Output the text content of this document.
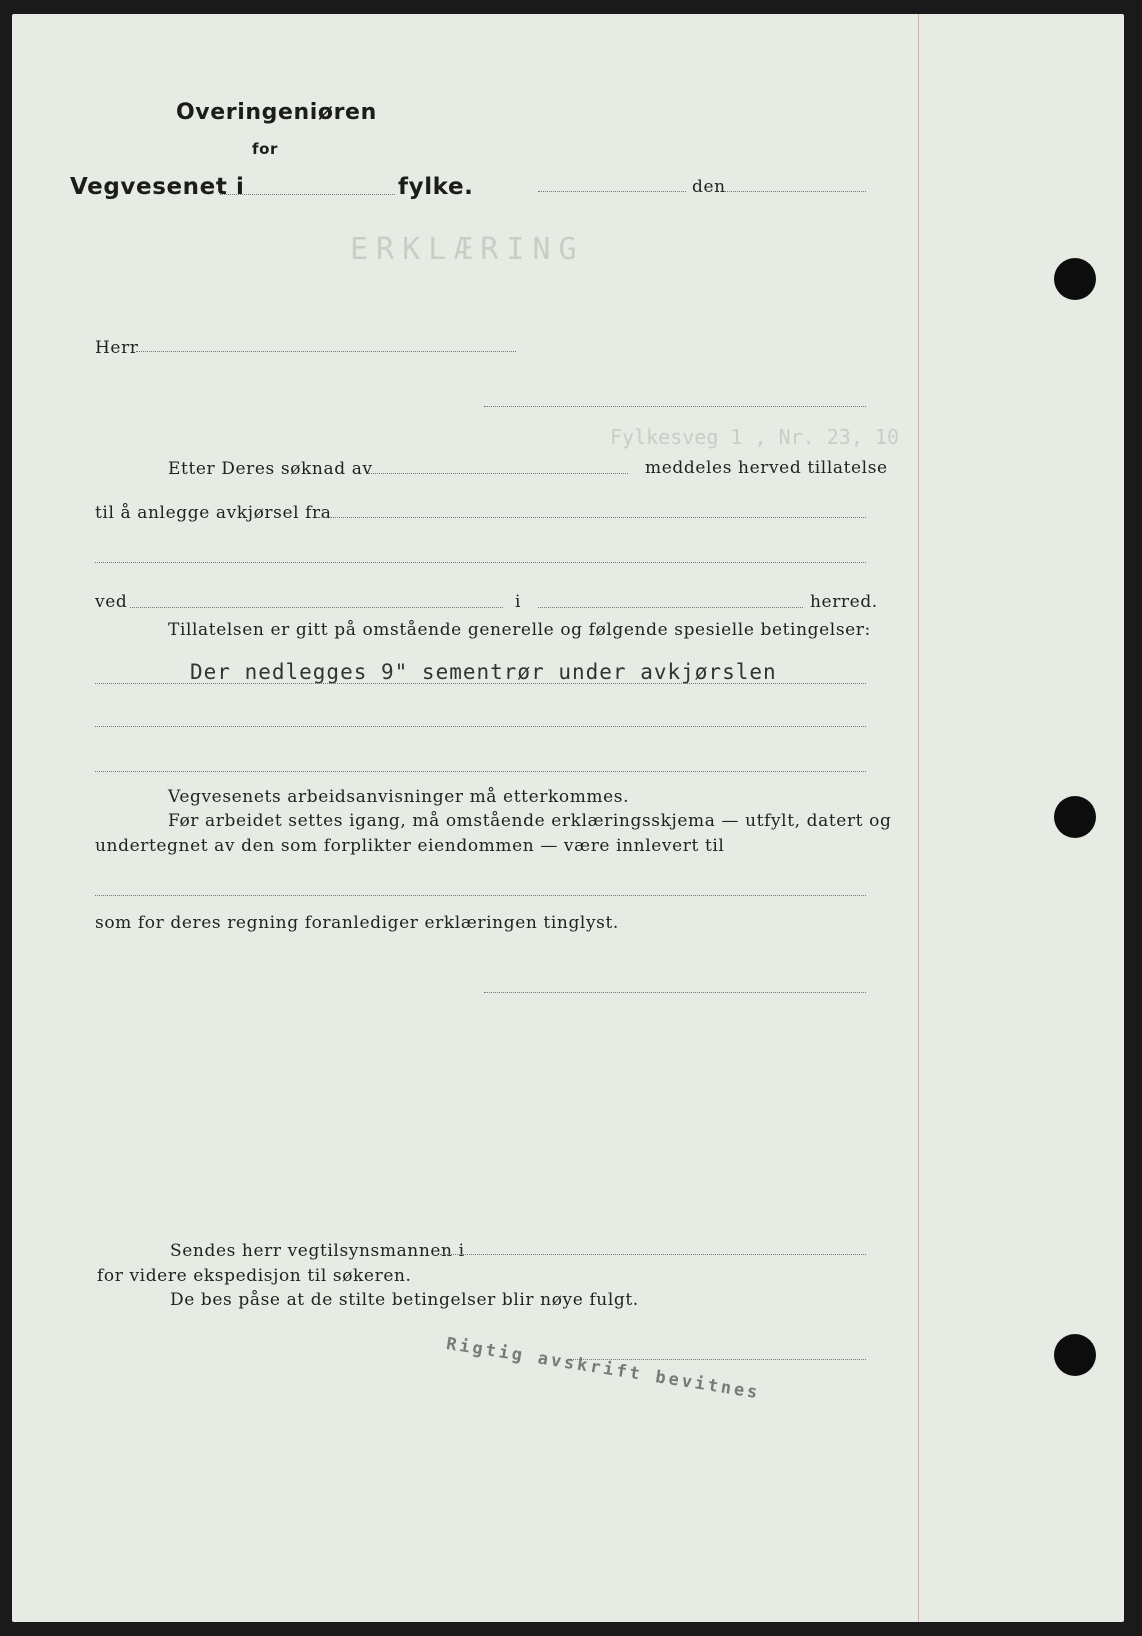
ERKLÆRING
Fylkesveg 1 , Nr. 23, 10
Overingeniøren
for
Vegvesenet i	fylke.	den
Herr
Etter Deres søknad av	meddeles herved tillatelse
til å anlegge avkjørsel fra
ved	i	herred.
Tillatelsen er gitt på omstående generelle og følgende spesielle betingelser:
Der nedlegges 9" sementrør under avkjørslen
Vegvesenets arbeidsanvisninger må etterkommes.
Før arbeidet settes igang, må omstående erklæringsskjema — utfylt, datert og
undertegnet av den som forplikter eiendommen — være innlevert til
som for deres regning foranlediger erklæringen tinglyst.
Sendes herr vegtilsynsmannen i
for videre ekspedisjon til søkeren.
De bes påse at de stilte betingelser blir nøye fulgt.
Rigtig avskrift bevitnes
